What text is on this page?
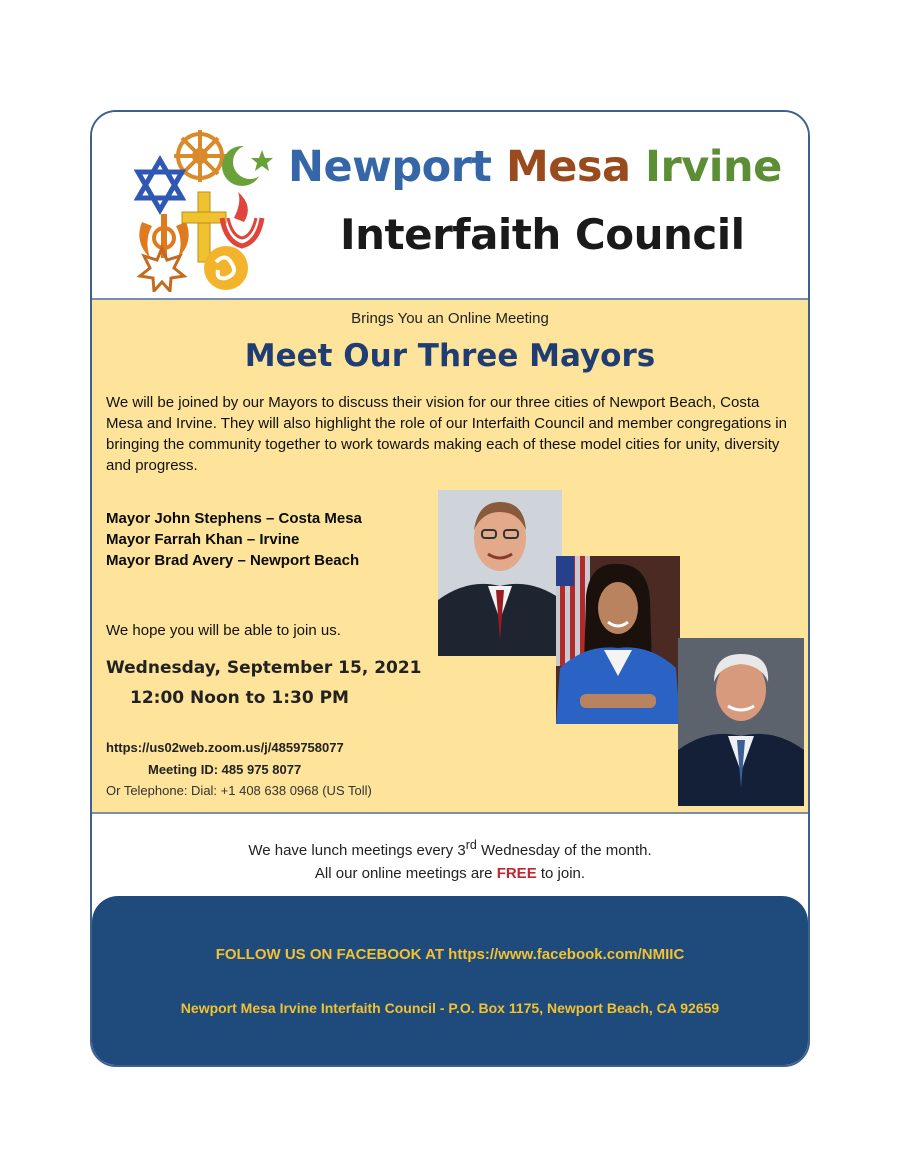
Newport Mesa Irvine
Interfaith Council
Brings You an Online Meeting
Meet Our Three Mayors
We will be joined by our Mayors to discuss their vision for our three cities of Newport Beach, Costa Mesa and Irvine. They will also highlight the role of our Interfaith Council and member congregations in bringing the community together to work towards making each of these model cities for unity, diversity and progress.
Mayor John Stephens – Costa Mesa
Mayor Farrah Khan – Irvine
Mayor Brad Avery – Newport Beach
We hope you will be able to join us.
Wednesday, September 15, 2021
12:00 Noon to 1:30 PM
https://us02web.zoom.us/j/4859758077
Meeting ID: 485 975 8077
Or Telephone: Dial: +1 408 638 0968 (US Toll)
We have lunch meetings every 3rd Wednesday of the month.
All our online meetings are FREE to join.
FOLLOW US ON FACEBOOK AT https://www.facebook.com/NMIIC
Newport Mesa Irvine Interfaith Council - P.O. Box 1175, Newport Beach, CA 92659
